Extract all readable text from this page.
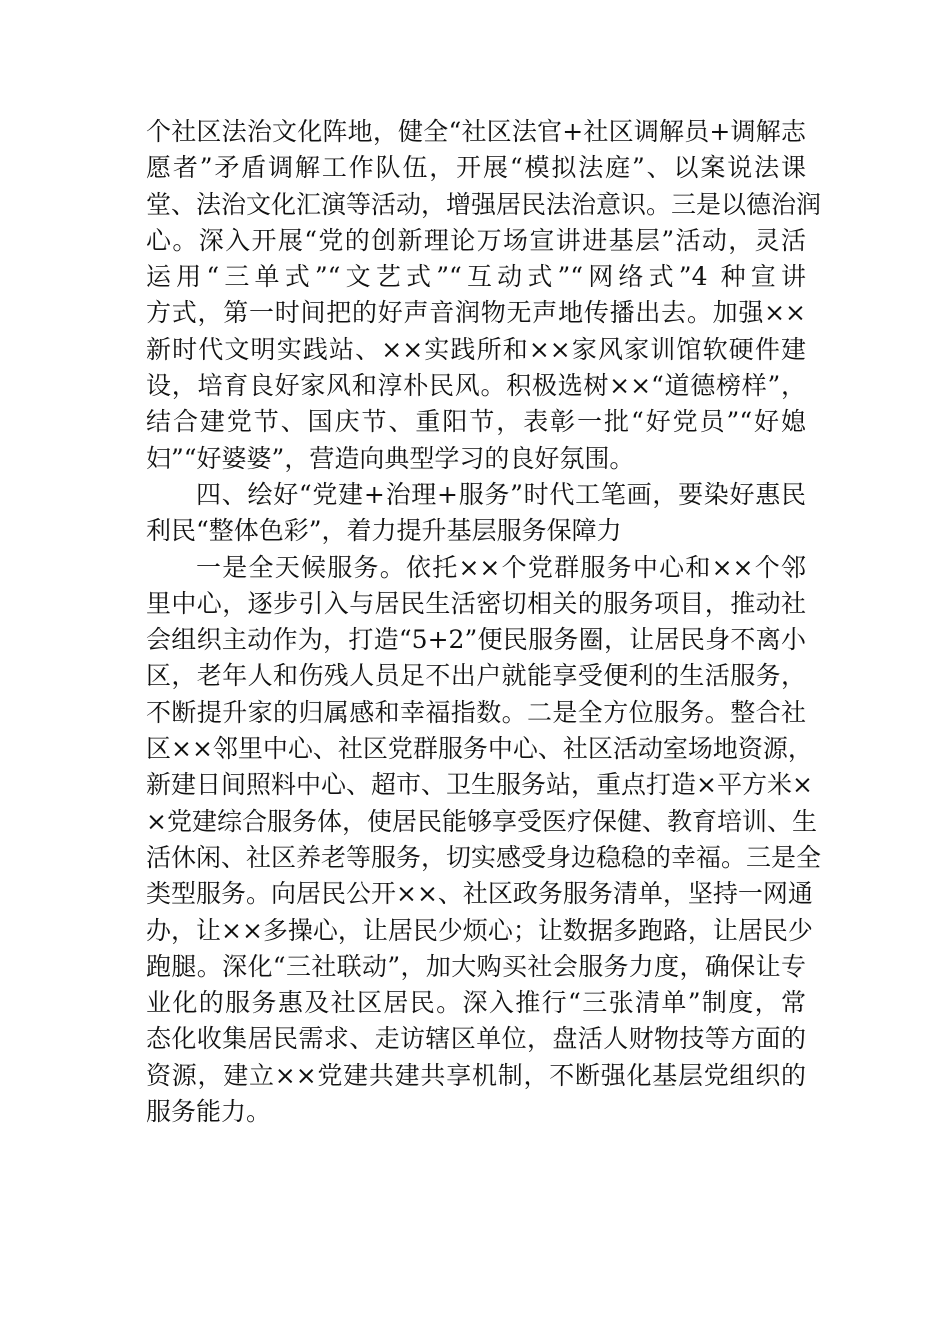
个社区法治文化阵地，健全“社区法官+社区调解员+调解志
愿者”矛盾调解工作队伍，开展“模拟法庭”、以案说法课
堂、法治文化汇演等活动，增强居民法治意识。三是以德治润
心。深入开展“党的创新理论万场宣讲进基层”活动，灵活
运用“三单式”“文艺式”“互动式”“网络式”4 种宣讲
方式，第一时间把的好声音润物无声地传播出去。加强××
新时代文明实践站、××实践所和××家风家训馆软硬件建
设，培育良好家风和淳朴民风。积极选树××“道德榜样”，
结合建党节、国庆节、重阳节，表彰一批“好党员”“好媳
妇”“好婆婆”，营造向典型学习的良好氛围。
四、绘好“党建+治理+服务”时代工笔画，要染好惠民
利民“整体色彩”，着力提升基层服务保障力
一是全天候服务。依托××个党群服务中心和××个邻
里中心，逐步引入与居民生活密切相关的服务项目，推动社
会组织主动作为，打造“5+2”便民服务圈，让居民身不离小
区，老年人和伤残人员足不出户就能享受便利的生活服务，
不断提升家的归属感和幸福指数。二是全方位服务。整合社
区××邻里中心、社区党群服务中心、社区活动室场地资源，
新建日间照料中心、超市、卫生服务站，重点打造×平方米×
×党建综合服务体，使居民能够享受医疗保健、教育培训、生
活休闲、社区养老等服务，切实感受身边稳稳的幸福。三是全
类型服务。向居民公开××、社区政务服务清单，坚持一网通
办，让××多操心，让居民少烦心；让数据多跑路，让居民少
跑腿。深化“三社联动”，加大购买社会服务力度，确保让专
业化的服务惠及社区居民。深入推行“三张清单”制度，常
态化收集居民需求、走访辖区单位，盘活人财物技等方面的
资源，建立××党建共建共享机制，不断强化基层党组织的
服务能力。
